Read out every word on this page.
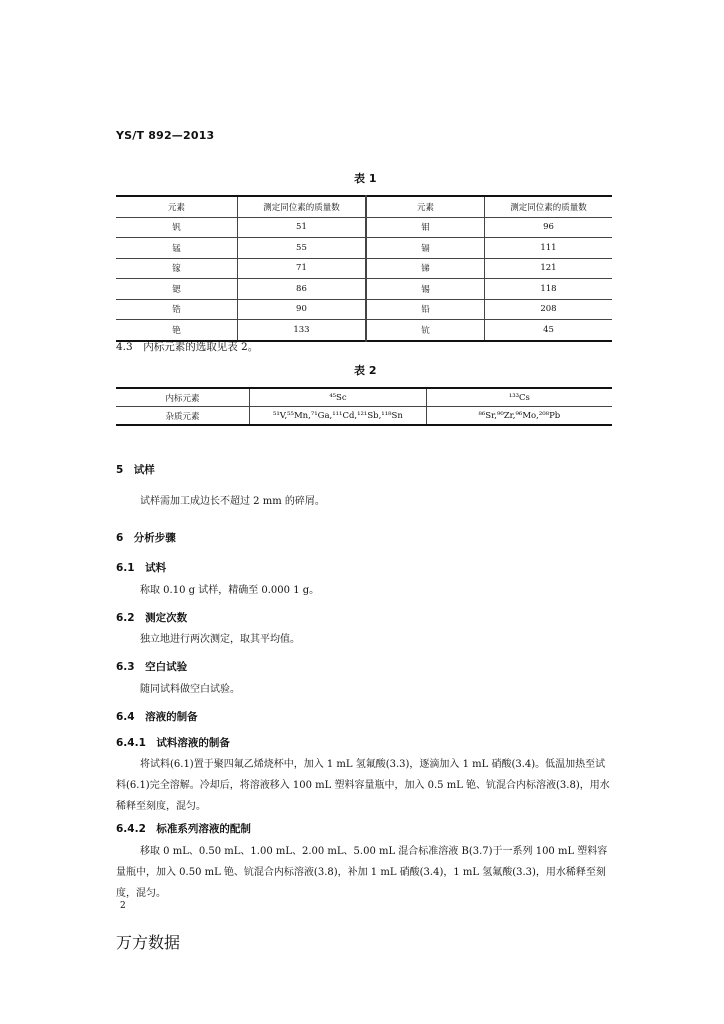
YS/T 892—2013
表 1
元素	测定同位素的质量数	元素	测定同位素的质量数
钒	51	钼	96
锰	55	镉	111
镓	71	锑	121
锶	86	锡	118
锆	90	铅	208
铯	133	钪	45
4.3　内标元素的选取见表 2。
表 2
内标元素	⁴⁵Sc	¹³³Cs
杂质元素	⁵¹V,⁵⁵Mn,⁷¹Ga,¹¹¹Cd,¹²¹Sb,¹¹⁸Sn	⁸⁶Sr,⁹⁰Zr,⁹⁶Mo,²⁰⁸Pb
5　试样
试样需加工成边长不超过 2 mm 的碎屑。
6　分析步骤
6.1　试料
称取 0.10 g 试样，精确至 0.000 1 g。
6.2　测定次数
独立地进行两次测定，取其平均值。
6.3　空白试验
随同试料做空白试验。
6.4　溶液的制备
6.4.1　试料溶液的制备
将试料(6.1)置于聚四氟乙烯烧杯中，加入 1 mL 氢氟酸(3.3)，逐滴加入 1 mL 硝酸(3.4)。低温加热至试料(6.1)完全溶解。冷却后，将溶液移入 100 mL 塑料容量瓶中，加入 0.5 mL 铯、钪混合内标溶液(3.8)，用水稀释至刻度，混匀。
6.4.2　标准系列溶液的配制
移取 0 mL、0.50 mL、1.00 mL、2.00 mL、5.00 mL 混合标准溶液 B(3.7)于一系列 100 mL 塑料容量瓶中，加入 0.50 mL 铯、钪混合内标溶液(3.8)，补加 1 mL 硝酸(3.4)，1 mL 氢氟酸(3.3)，用水稀释至刻度，混匀。
2
万方数据
